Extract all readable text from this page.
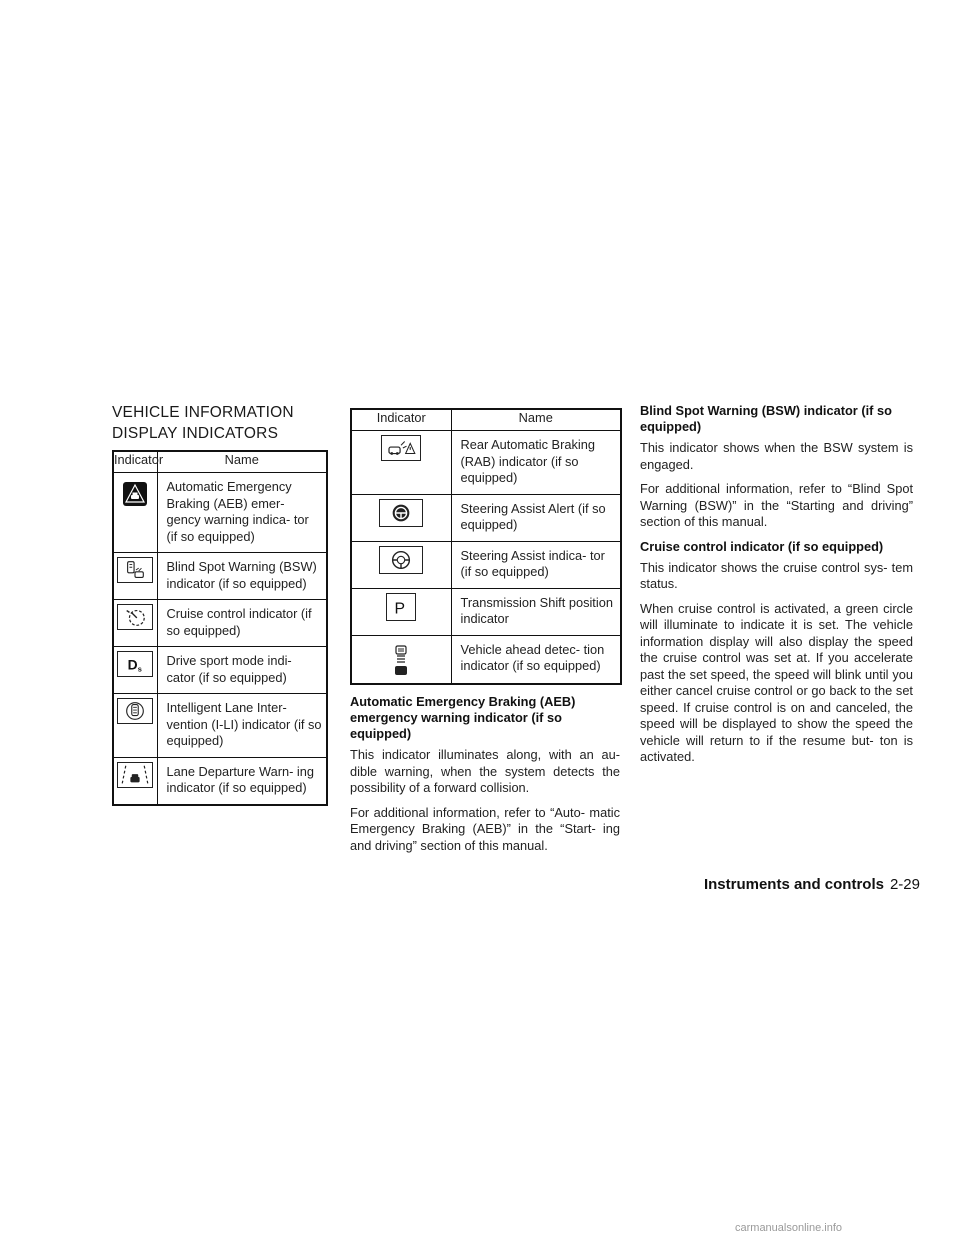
VEHICLE INFORMATION DISPLAY INDICATORS
Indicator	Name
	Automatic Emergency Braking (AEB) emer- gency warning indica- tor (if so equipped)

	Blind Spot Warning (BSW) indicator (if so equipped)

	Cruise control indicator (if so equipped)

D s	Drive sport mode indi- cator (if so equipped)

	Intelligent Lane Inter- vention (I-LI) indicator (if so equipped)

	Lane Departure Warn- ing indicator (if so equipped)
Indicator	Name

	Rear Automatic Braking (RAB) indicator (if so equipped)

	Steering Assist Alert (if so equipped)

	Steering Assist indica- tor (if so equipped)

P	Transmission Shift position indicator
	Vehicle ahead detec- tion indicator (if so equipped)
Automatic Emergency Braking (AEB) emergency warning indicator (if so equipped)

This indicator illuminates along, with an au- dible warning, when the system detects the possibility of a forward collision.

For additional information, refer to “Auto- matic Emergency Braking (AEB)” in the “Start- ing and driving” section of this manual.

Blind Spot Warning (BSW) indicator (if so equipped)

This indicator shows when the BSW system is engaged.

For additional information, refer to “Blind Spot Warning (BSW)” in the “Starting and driving” section of this manual.

Cruise control indicator (if so equipped)

This indicator shows the cruise control sys- tem status.

When cruise control is activated, a green circle will illuminate to indicate it is set. The vehicle information display will also display the speed the cruise control was set at. If you accelerate past the set speed, the speed will blink until you either cancel cruise control or go back to the set speed. If cruise control is on and canceled, the speed will be displayed to show the speed the vehicle will return to if the resume but- ton is activated.

Instruments and controls 2-29
carmanualsonline.info
